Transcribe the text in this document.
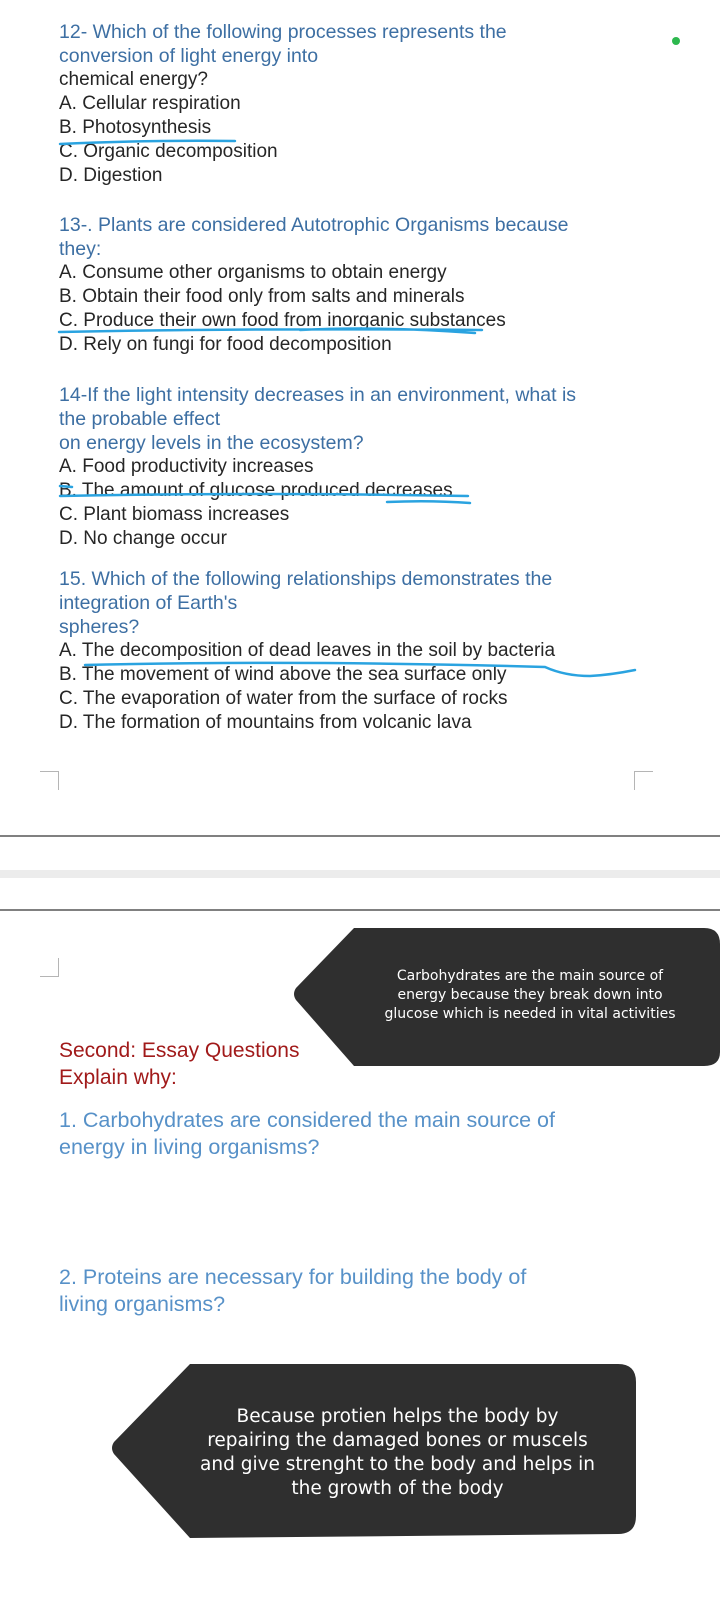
12- Which of the following processes represents the
conversion of light energy into
chemical energy?
A. Cellular respiration
B. Photosynthesis
C. Organic decomposition
D. Digestion
13-. Plants are considered Autotrophic Organisms because
they:
A. Consume other organisms to obtain energy
B. Obtain their food only from salts and minerals
C. Produce their own food from inorganic substances
D. Rely on fungi for food decomposition
14-If the light intensity decreases in an environment, what is
the probable effect
on energy levels in the ecosystem?
A. Food productivity increases
B. The amount of glucose produced decreases
C. Plant biomass increases
D. No change occur
15. Which of the following relationships demonstrates the
integration of Earth's
spheres?
A. The decomposition of dead leaves in the soil by bacteria
B. The movement of wind above the sea surface only
C. The evaporation of water from the surface of rocks
D. The formation of mountains from volcanic lava
Carbohydrates are the main source of
energy because they break down into
glucose which is needed in vital activities
Second: Essay Questions
Explain why:
1. Carbohydrates are considered the main source of
energy in living organisms?
2. Proteins are necessary for building the body of
living organisms?
Because protien helps the body by
repairing the damaged bones or muscels
and give strenght to the body and helps in
the growth of the body
